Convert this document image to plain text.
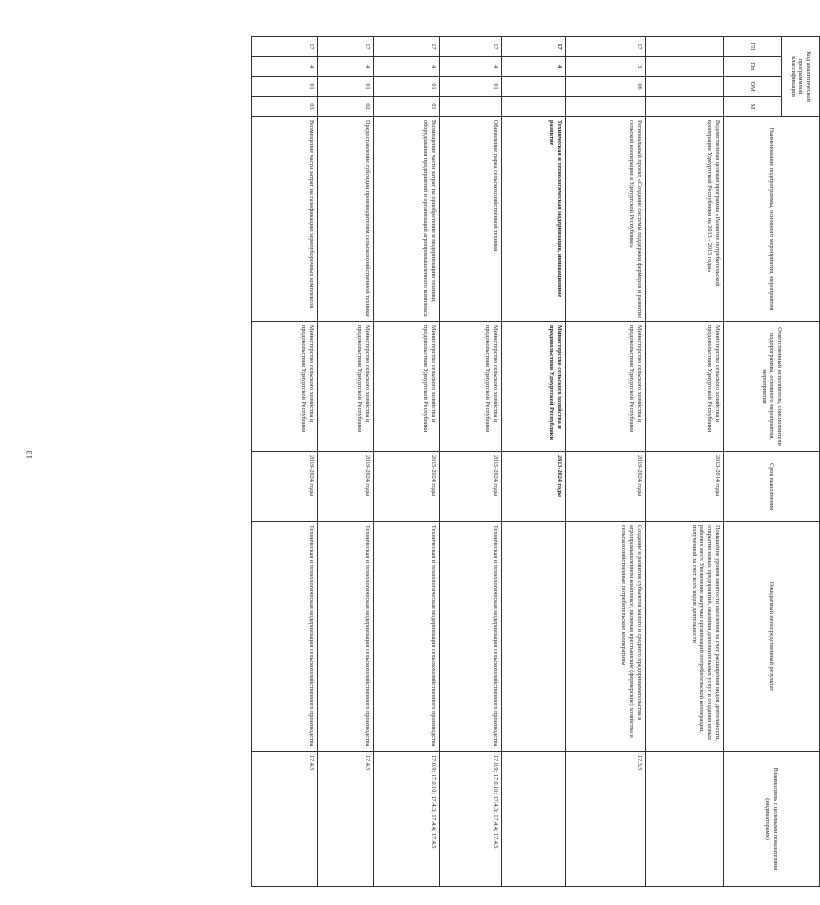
13
Код аналитической программной классификации				Наименование подпрограммы, основного мероприятия, мероприятия	Ответственный исполнитель, соисполнители подпрограммы, основного мероприятия, мероприятия	Срок выполнения	Ожидаемый непосредственный результат	Взаимосвязь с целевыми показателями (индикаторами)
ГП	Пп	ОМ	М					
				Ведомственная целевая программа «Развитие потребительской кооперации Удмуртской Республики на 2013 - 2015 годы»	Министерство сельского хозяйства и продовольствия Удмуртской Республики	2013-2014 годы	Повышение уровня занятости населения за счет расширения видов деятельности, открытия новых предприятий, оказания дополнительных услуг и создания новых рабочих мест. Увеличение выручки организаций потребительской кооперации, полученной за счет всех видов деятельности	
17	3	06		Региональный проект «Создание системы поддержки фермеров и развитие сельской кооперации в Удмуртской Республике»	Министерство сельского хозяйства и продовольствия Удмуртской Республики	2019-2024 годы	Создание и развитие субъектов малого и среднего предпринимательства в агропромышленном комплексе, включая крестьянские (фермерские) хозяйства и сельскохозяйственные потребительские кооперативы	17.3.5
17	4			Техническая и технологическая модернизация, инновационное развитие	Министерство сельского хозяйства и продовольствия Удмуртской Республики	2013-2024 годы		
17	4	01		Обновление парка сельскохозяйственной техники	Министерство сельского хозяйства и продовольствия Удмуртской Республики	2015-2024 годы	Техническая и технологическая модернизация сельскохозяйственного производства	17.0.9; 17.0.10; 17.4.3; 17.4.4; 17.4.5
17	4	01	01	Возмещение части затрат на приобретение и модернизацию техники, оборудования предприятий и организаций агропромышленного комплекса	Министерство сельского хозяйства и продовольствия Удмуртской Республики	2015-2024 годы	Техническая и технологическая модернизация сельскохозяйственного производства	17.0.9; 17.0.10; 17.4.3; 17.4.4; 17.4.5
17	4	01	02	Предоставление субсидии производителям сельскохозяйственной техники	Министерство сельского хозяйства и продовольствия Удмуртской Республики	2019-2024 годы	Техническая и технологическая модернизация сельскохозяйственного производства	17.4.5
17	4	01	03	Возмещение части затрат на газификацию зерноуборочных комплексов	Министерство сельского хозяйства и продовольствия Удмуртской Республики	2019-2024 годы	Техническая и технологическая модернизация сельскохозяйственного производства	17.4.5
